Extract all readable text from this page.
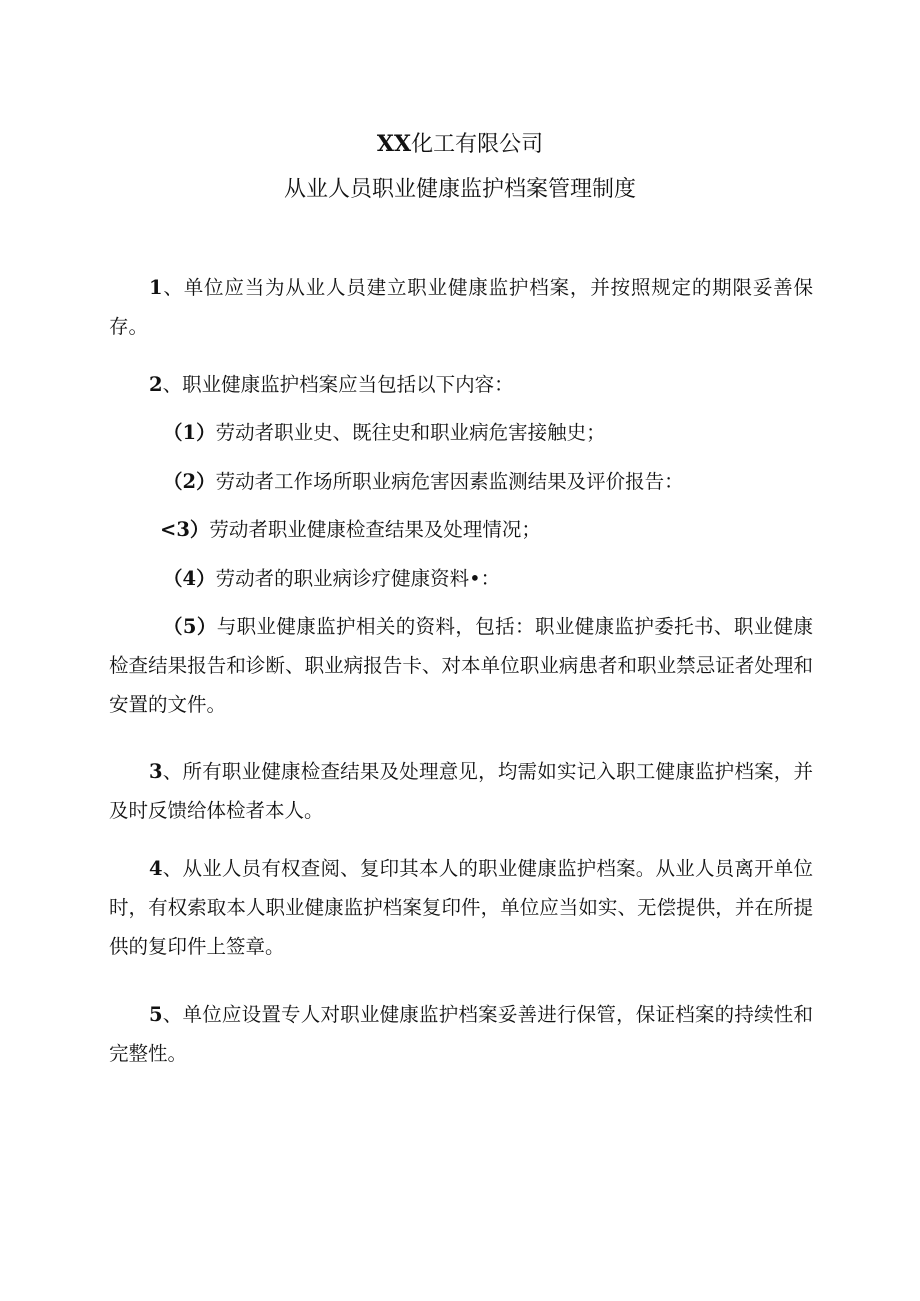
XX化工有限公司
从业人员职业健康监护档案管理制度

1、单位应当为从业人员建立职业健康监护档案，并按照规定的期限妥善保存。

2、职业健康监护档案应当包括以下内容：

（1）劳动者职业史、既往史和职业病危害接触史；

（2）劳动者工作场所职业病危害因素监测结果及评价报告：

<3）劳动者职业健康检查结果及处理情况；

（4）劳动者的职业病诊疗健康资料•：

（5）与职业健康监护相关的资料，包括：职业健康监护委托书、职业健康检查结果报告和诊断、职业病报告卡、对本单位职业病患者和职业禁忌证者处理和安置的文件。

3、所有职业健康检查结果及处理意见，均需如实记入职工健康监护档案，并及时反馈给体检者本人。

4、从业人员有权查阅、复印其本人的职业健康监护档案。从业人员离开单位时，有权索取本人职业健康监护档案复印件，单位应当如实、无偿提供，并在所提供的复印件上签章。

5、单位应设置专人对职业健康监护档案妥善进行保管，保证档案的持续性和完整性。
